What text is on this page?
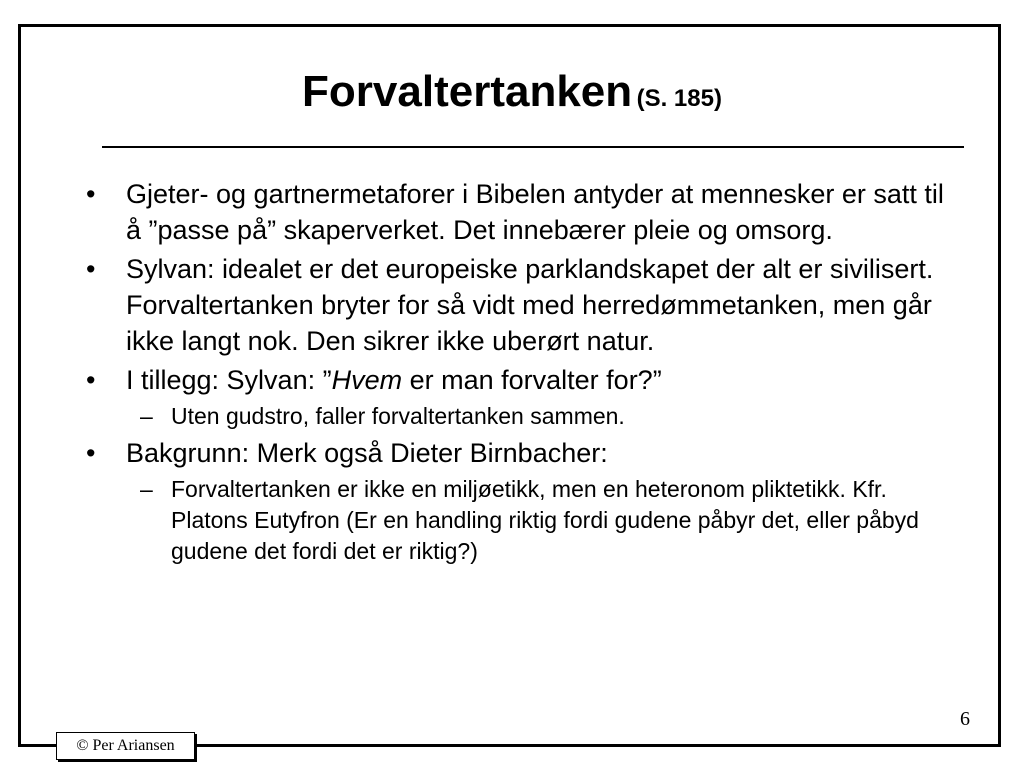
Forvaltertanken (S. 185)
• Gjeter- og gartnermetaforer i Bibelen antyder at mennesker er satt til å ”passe på” skaperverket. Det innebærer pleie og omsorg.
• Sylvan: idealet er det europeiske parklandskapet der alt er sivilisert. Forvaltertanken bryter for så vidt med herredømmetanken, men går ikke langt nok. Den sikrer ikke uberørt natur.
• I tillegg: Sylvan: ”Hvem er man forvalter for?”
– Uten gudstro, faller forvaltertanken sammen.
• Bakgrunn: Merk også Dieter Birnbacher:
– Forvaltertanken er ikke en miljøetikk, men en heteronom pliktetikk. Kfr. Platons Eutyfron (Er en handling riktig fordi gudene påbyr det, eller påbyd gudene det fordi det er riktig?)
6
© Per Ariansen
